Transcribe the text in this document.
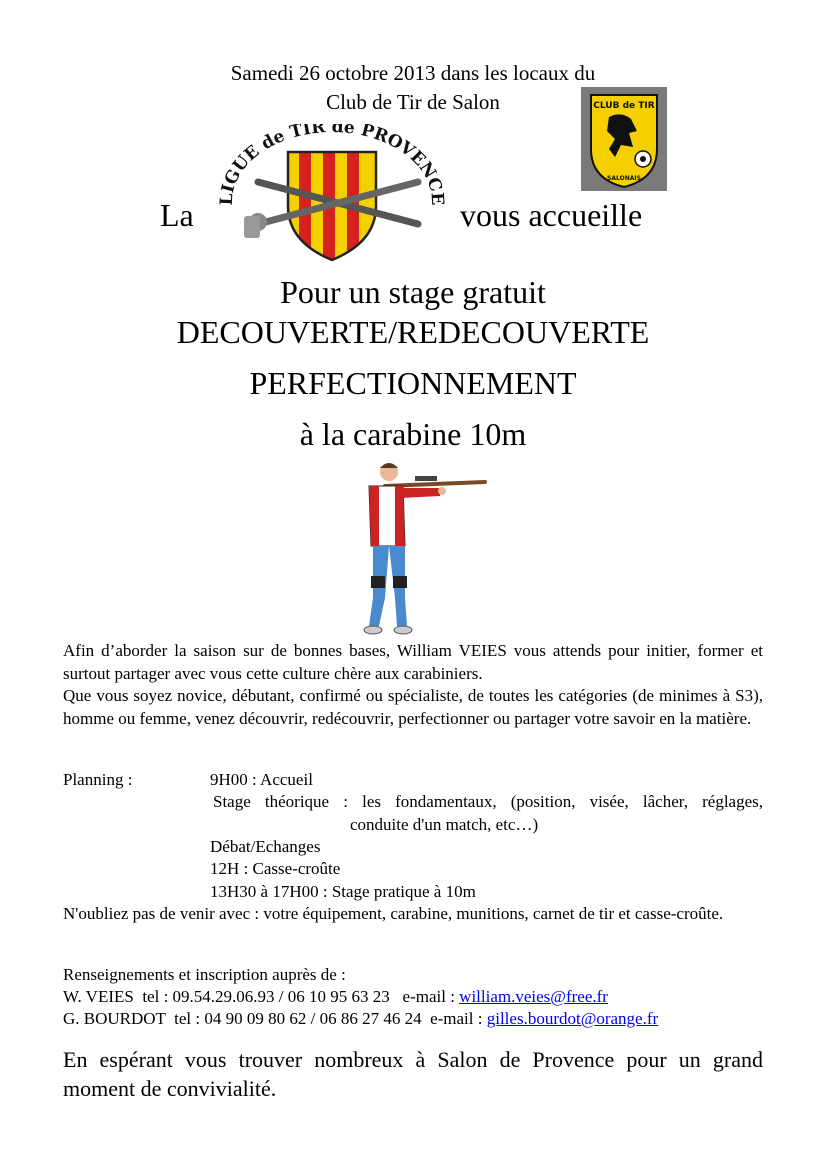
Samedi 26 octobre 2013 dans les locaux du
Club de Tir de Salon
La	vous accueille
LIGUE de TIR de PROVENCE
CLUB de TIR
SALONAIS
Pour un stage gratuit
DECOUVERTE/REDECOUVERTE
PERFECTIONNEMENT
à la carabine 10m
Afin d’aborder la saison sur de bonnes bases, William VEIES vous attends pour initier, former et surtout partager avec vous cette culture chère aux carabiniers.
Que vous soyez novice, débutant, confirmé ou spécialiste, de toutes les catégories (de minimes à S3), homme ou femme, venez découvrir, redécouvrir, perfectionner ou partager votre savoir en la matière.
Planning :	9H00 : Accueil
Stage théorique : les fondamentaux, (position, visée, lâcher, réglages,
conduite d'un match, etc…)
Débat/Echanges
12H : Casse-croûte
13H30 à 17H00 : Stage pratique à 10m
N'oubliez pas de venir avec : votre équipement, carabine, munitions, carnet de tir et casse-croûte.
Renseignements et inscription auprès de :
W. VEIES  tel : 09.54.29.06.93 / 06 10 95 63 23   e-mail : william.veies@free.fr
G. BOURDOT  tel : 04 90 09 80 62 / 06 86 27 46 24  e-mail : gilles.bourdot@orange.fr
En espérant vous trouver nombreux à Salon de Provence pour un grand moment de convivialité.
